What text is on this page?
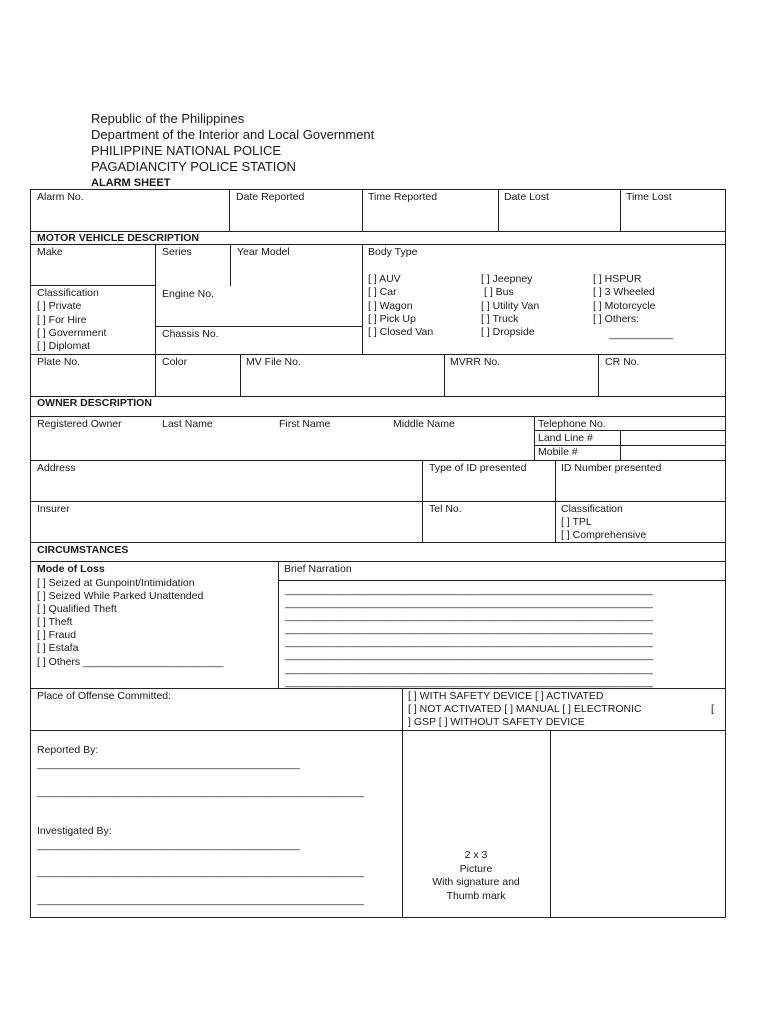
Republic of the Philippines
Department of the Interior and Local Government
PHILIPPINE NATIONAL POLICE
PAGADIANCITY POLICE STATION
ALARM SHEET
Alarm No.	Date Reported	Time Reported	Date Lost	Time Lost
MOTOR VEHICLE DESCRIPTION
Make	Series	Year Model	Body Type
Classification
[ ] Private
[ ] For Hire
[ ] Government
[ ] Diplomat
Engine No.
Chassis No.
[ ] AUV
[ ] Car
[ ] Wagon
[ ] Pick Up
[ ] Closed Van
[ ] Jeepney
[ ] Bus
[ ] Utility Van
[ ] Truck
[ ] Dropside
[ ] HSPUR
[ ] 3 Wheeled
[ ] Motorcycle
[ ] Others:
___________
Plate No.	Color	MV File No.	MVRR No.	CR No.
OWNER DESCRIPTION
Registered Owner	Last Name	First Name	Middle Name	Telephone No.
Land Line #
Mobile #
Address	Type of ID presented	ID Number presented
Insurer	Tel No.	Classification
[ ] TPL
[ ] Comprehensive
CIRCUMSTANCES
Mode of Loss
[ ] Seized at Gunpoint/Intimidation
[ ] Seized While Parked Unattended
[ ] Qualified Theft
[ ] Theft
[ ] Fraud
[ ] Estafa
[ ] Others ________________________
Brief Narration
_______________________________________________________________
_______________________________________________________________
_______________________________________________________________
_______________________________________________________________
_______________________________________________________________
_______________________________________________________________
_______________________________________________________________
_______________________________________________________________
Place of Offense Committed:	[ ] WITH SAFETY DEVICE [ ] ACTIVATED
[ ] NOT ACTIVATED [ ] MANUAL [ ] ELECTRONIC	[
] GSP [ ] WITHOUT SAFETY DEVICE
Reported By:
_____________________________________________
________________________________________________________
Investigated By:
_____________________________________________
________________________________________________________
________________________________________________________
2 x 3
Picture
With signature and
Thumb mark
